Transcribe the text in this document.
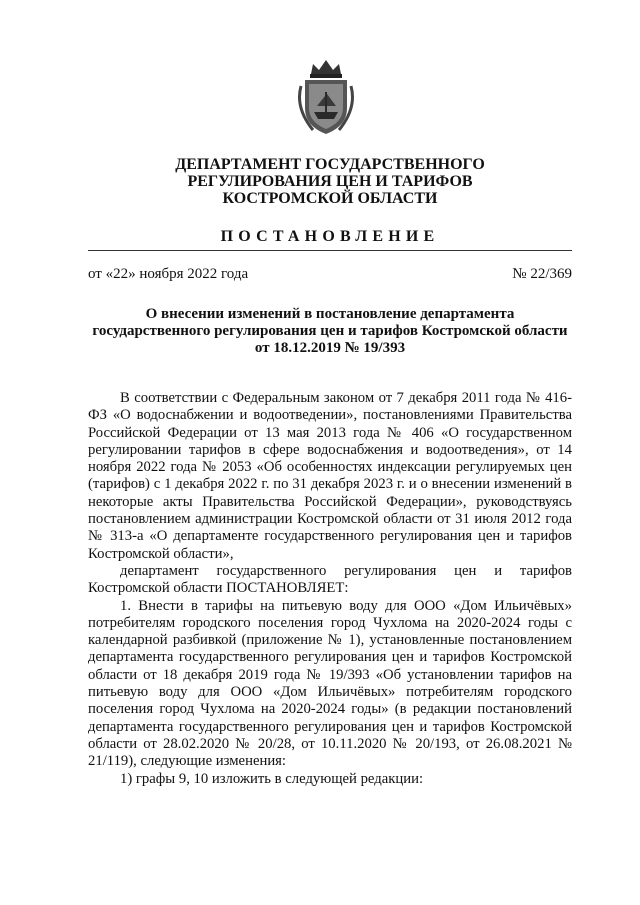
ДЕПАРТАМЕНТ ГОСУДАРСТВЕННОГО
РЕГУЛИРОВАНИЯ ЦЕН И ТАРИФОВ
КОСТРОМСКОЙ ОБЛАСТИ
ПОСТАНОВЛЕНИЕ
от «22» ноября 2022 года	№ 22/369
О внесении изменений в постановление департамента
государственного регулирования цен и тарифов Костромской области
от 18.12.2019 № 19/393

В соответствии с Федеральным законом от 7 декабря 2011 года № 416-ФЗ «О водоснабжении и водоотведении», постановлениями Правительства Российской Федерации от 13 мая 2013 года № 406 «О государственном регулировании тарифов в сфере водоснабжения и водоотведения», от 14 ноября 2022 года № 2053 «Об особенностях индексации регулируемых цен (тарифов) с 1 декабря 2022 г. по 31 декабря 2023 г. и о внесении изменений в некоторые акты Правительства Российской Федерации», руководствуясь постановлением администрации Костромской области от 31 июля 2012 года № 313-а «О департаменте государственного регулирования цен и тарифов Костромской области»,

департамент государственного регулирования цен и тарифов Костромской области ПОСТАНОВЛЯЕТ:

1. Внести в тарифы на питьевую воду для ООО «Дом Ильичёвых» потребителям городского поселения город Чухлома на 2020-2024 годы с календарной разбивкой (приложение № 1), установленные постановлением департамента государственного регулирования цен и тарифов Костромской области от 18 декабря 2019 года № 19/393 «Об установлении тарифов на питьевую воду для ООО «Дом Ильичёвых» потребителям городского поселения город Чухлома на 2020-2024 годы» (в редакции постановлений департамента государственного регулирования цен и тарифов Костромской области от 28.02.2020 № 20/28, от 10.11.2020 № 20/193, от 26.08.2021 № 21/119), следующие изменения:

1) графы 9, 10 изложить в следующей редакции:
